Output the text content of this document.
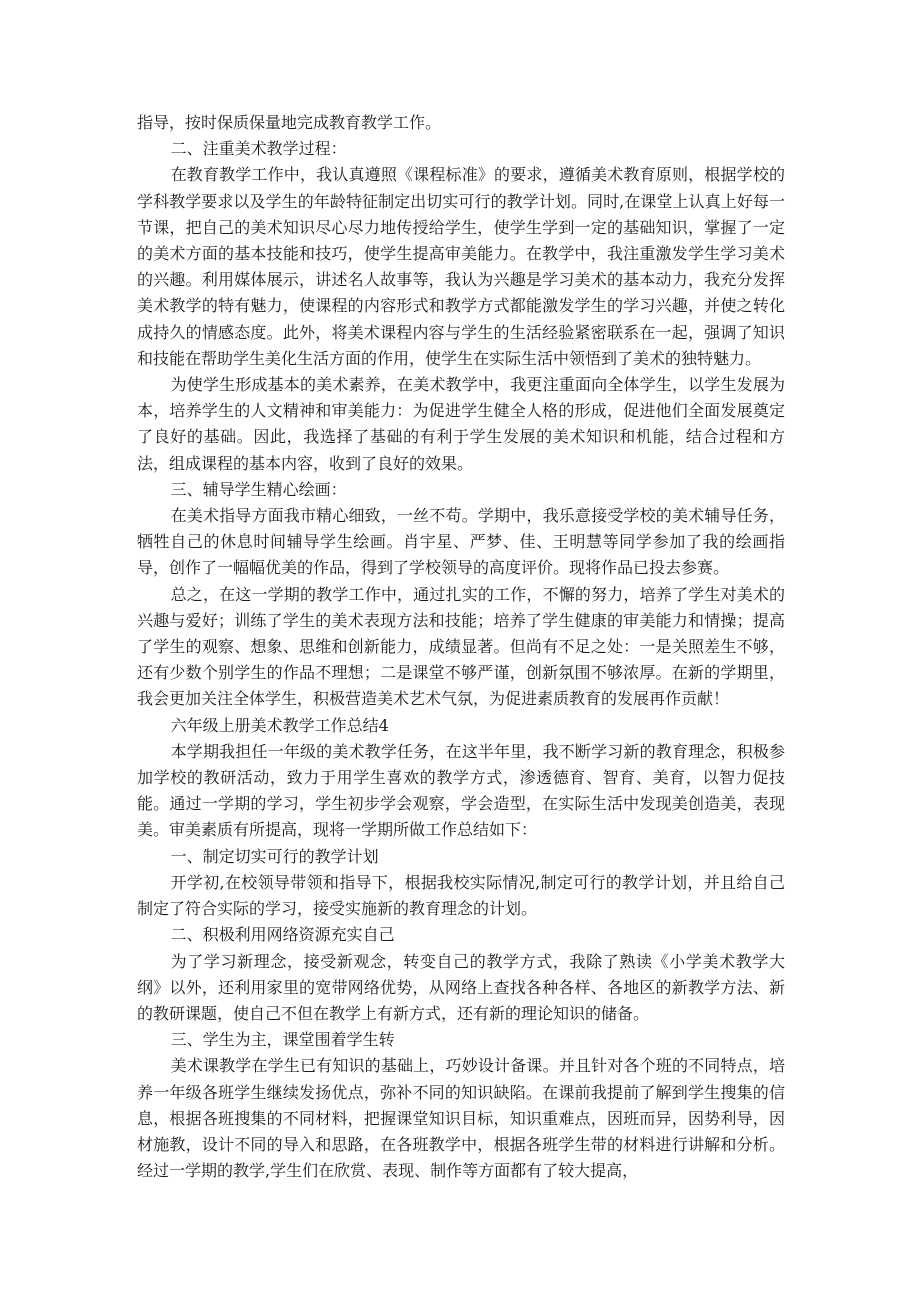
指导，按时保质保量地完成教育教学工作。

二、注重美术教学过程：

在教育教学工作中，我认真遵照《课程标准》的要求，遵循美术教育原则，根据学校的学科教学要求以及学生的年龄特征制定出切实可行的教学计划。同时,在课堂上认真上好每一节课，把自己的美术知识尽心尽力地传授给学生，使学生学到一定的基础知识，掌握了一定的美术方面的基本技能和技巧，使学生提高审美能力。在教学中，我注重激发学生学习美术的兴趣。利用媒体展示，讲述名人故事等，我认为兴趣是学习美术的基本动力，我充分发挥美术教学的特有魅力，使课程的内容形式和教学方式都能激发学生的学习兴趣，并使之转化成持久的情感态度。此外，将美术课程内容与学生的生活经验紧密联系在一起，强调了知识和技能在帮助学生美化生活方面的作用，使学生在实际生活中领悟到了美术的独特魅力。

为使学生形成基本的美术素养，在美术教学中，我更注重面向全体学生，以学生发展为本，培养学生的人文精神和审美能力：为促进学生健全人格的形成，促进他们全面发展奠定了良好的基础。因此，我选择了基础的有利于学生发展的美术知识和机能，结合过程和方法，组成课程的基本内容，收到了良好的效果。

三、辅导学生精心绘画：

在美术指导方面我市精心细致，一丝不苟。学期中，我乐意接受学校的美术辅导任务，牺牲自己的休息时间辅导学生绘画。肖宇星、严梦、佳、王明慧等同学参加了我的绘画指导，创作了一幅幅优美的作品，得到了学校领导的高度评价。现将作品已投去参赛。

总之，在这一学期的教学工作中，通过扎实的工作，不懈的努力，培养了学生对美术的兴趣与爱好；训练了学生的美术表现方法和技能；培养了学生健康的审美能力和情操；提高了学生的观察、想象、思维和创新能力，成绩显著。但尚有不足之处：一是关照差生不够，还有少数个别学生的作品不理想；二是课堂不够严谨，创新氛围不够浓厚。在新的学期里，我会更加关注全体学生，积极营造美术艺术气氛，为促进素质教育的发展再作贡献！

六年级上册美术教学工作总结4

本学期我担任一年级的美术教学任务，在这半年里，我不断学习新的教育理念，积极参加学校的教研活动，致力于用学生喜欢的教学方式，渗透德育、智育、美育，以智力促技能。通过一学期的学习，学生初步学会观察，学会造型，在实际生活中发现美创造美，表现美。审美素质有所提高，现将一学期所做工作总结如下：

一、制定切实可行的教学计划

开学初,在校领导带领和指导下，根据我校实际情况,制定可行的教学计划，并且给自己制定了符合实际的学习，接受实施新的教育理念的计划。

二、积极利用网络资源充实自己

为了学习新理念，接受新观念，转变自己的教学方式，我除了熟读《小学美术教学大纲》以外，还利用家里的宽带网络优势，从网络上查找各种各样、各地区的新教学方法、新的教研课题，使自己不但在教学上有新方式，还有新的理论知识的储备。

三、学生为主，课堂围着学生转

美术课教学在学生已有知识的基础上，巧妙设计备课。并且针对各个班的不同特点，培养一年级各班学生继续发扬优点，弥补不同的知识缺陷。在课前我提前了解到学生搜集的信息，根据各班搜集的不同材料，把握课堂知识目标，知识重难点，因班而异，因势利导，因材施教，设计不同的导入和思路，在各班教学中，根据各班学生带的材料进行讲解和分析。经过一学期的教学,学生们在欣赏、表现、制作等方面都有了较大提高，
